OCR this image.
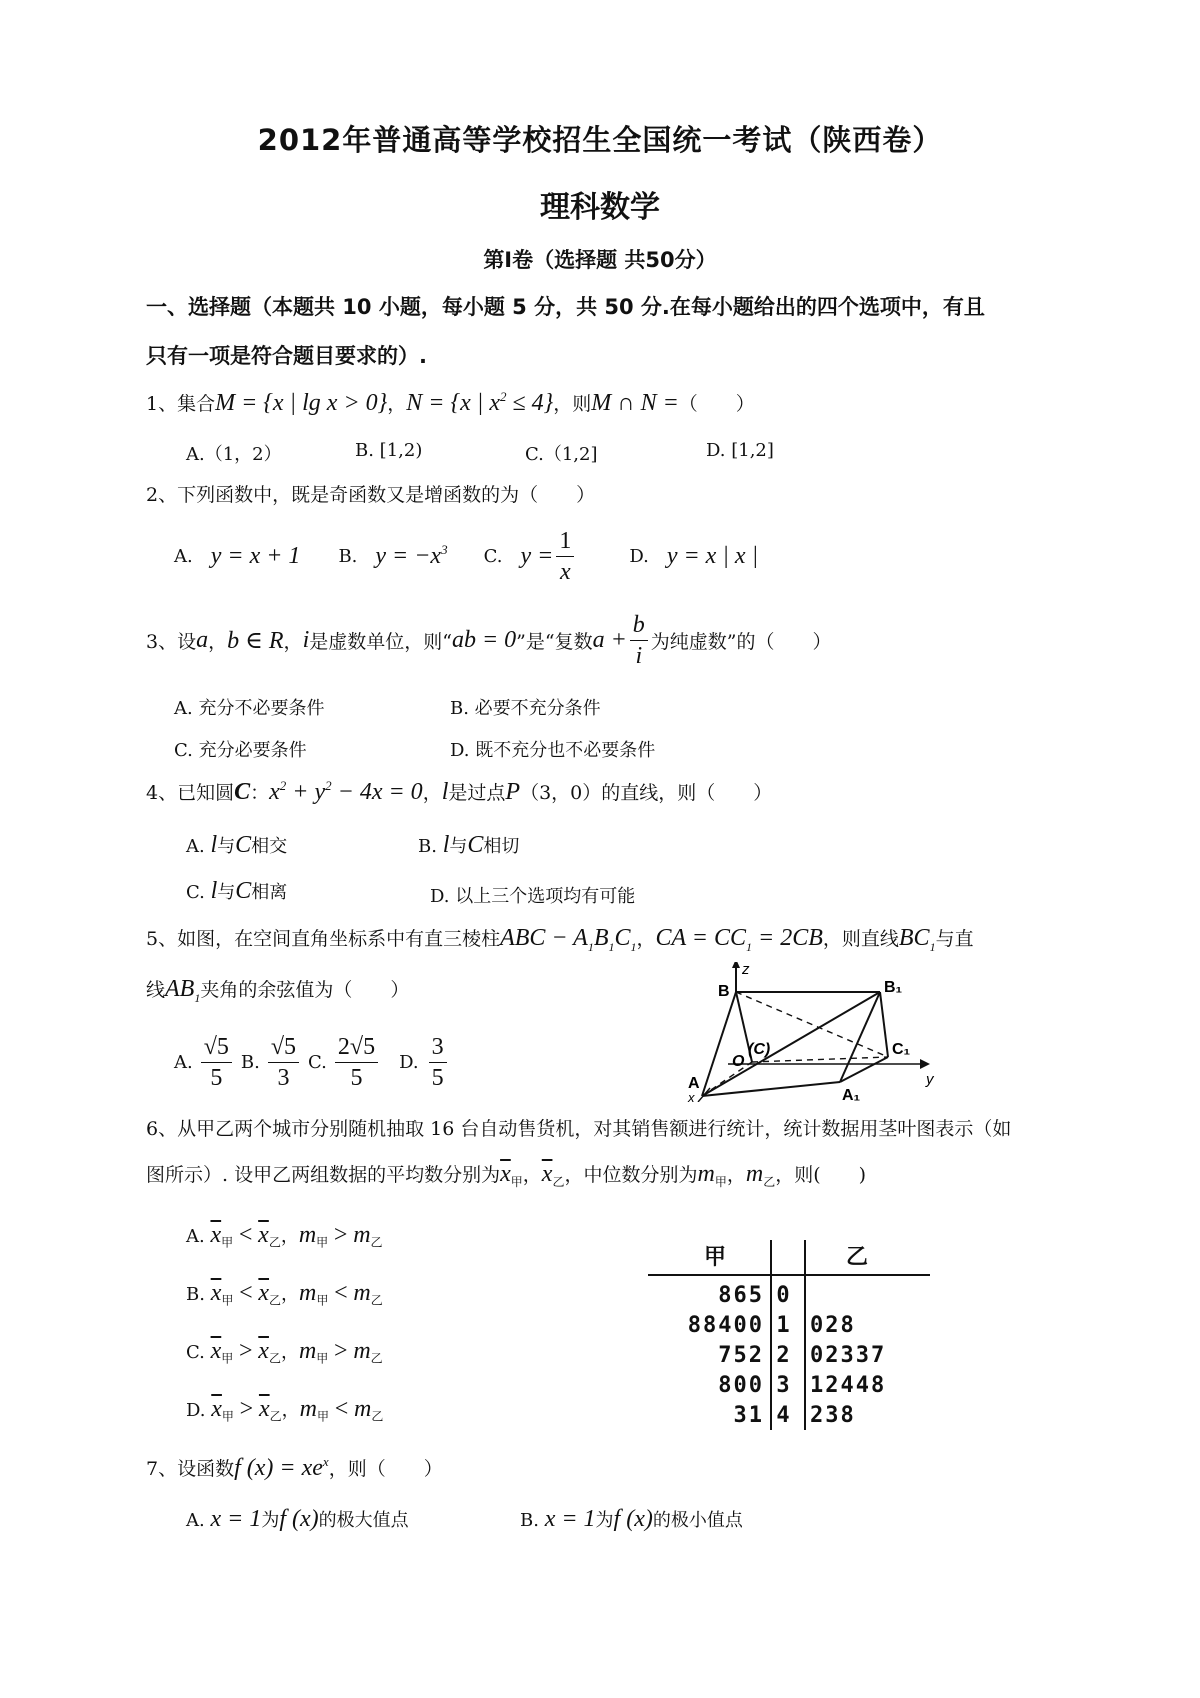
2012年普通高等学校招生全国统一考试（陕西卷）
理科数学
第Ⅰ卷（选择题 共50分）
一、选择题（本题共 10 小题，每小题 5 分，共 50 分.在每小题给出的四个选项中，有且
只有一项是符合题目要求的）.
1、集合M = {x | lg x > 0}，N = {x | $x^2 \le 4$}，则M ∩ N =（　　）
A.（1，2）	B. [1,2)	C.（1,2]	D. [1,2]
2、下列函数中，既是奇函数又是增函数的为（　　）
A. y = x + 1 B. $y = -x^3$ C. $y = \frac{1}{x}$	D. y = x | x |
3、设 a ， b ∈ R ， i 是虚数单位，则“ ab = 0 ”是“复数 $a + \frac{b}{i}$ 为纯虚数”的（　　）
A. 充分不必要条件	B. 必要不充分条件
C. 充分必要条件	D. 既不充分也不必要条件
4、已知圆C：$x^2 + y^2 - 4x = 0$，l是过点P（3，0）的直线，则（　　）
A. l与C相交	B. l与C相切
C. l与C相离	D. 以上三个选项均有可能
5、如图，在空间直角坐标系中有直三棱柱ABC − $A_1B_1C_1$，CA = $CC_1 = 2CB$，则直线$BC_1$与直
线$AB_1$夹角的余弦值为（　　）
A. $\frac{√5}{5} B$. $\frac{√5}{3} C$. $\frac{2√5}{5} D$. $\frac{3}{5}$
z
y
x
B	B₁
C₁
A
A₁
O
(C)
6、从甲乙两个城市分别随机抽取 16 台自动售货机，对其销售额进行统计，统计数据用茎叶图表示（如
图所示）. 设甲乙两组数据的平均数分别为$\overline{x}_甲$，$\overline{x}_乙$，中位数分别为$m_甲$，$m_乙$，则(　　)
A. $\overline{x}_甲 < \overline{x}_乙$，$m_甲 > m_乙$
B. $\overline{x}_甲 < \overline{x}_乙$，$m_甲 < m_乙$
C. $\overline{x}_甲 > \overline{x}_乙$，$m_甲 > m_乙$
D. $\overline{x}_甲 > \overline{x}_乙$，$m_甲 < m_乙$
甲	乙
865 0
88400 1 028
752 2 02337
800 3 12448
31 4 238
7、设函数f $(x) = xe^x$，则（　　）
A. x = 1为f (x)的极大值点	B. x = 1为f (x)的极小值点
